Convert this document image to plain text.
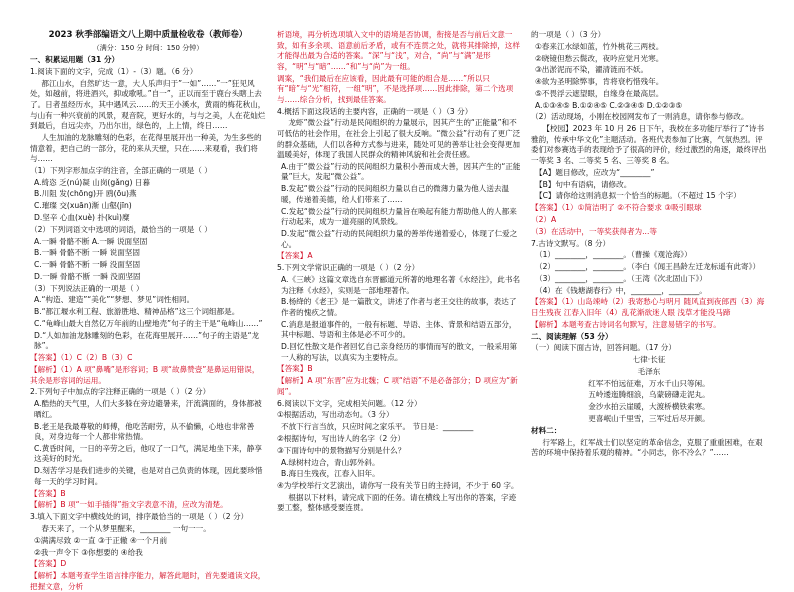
2023 秋季部编语文八上期中质量检收卷（教师卷）

（满分：150 分 时间：150 分钟）

一、积累运用题（31 分）

1.阅读下面的文字，完成（1）-（3）题。（6 分）

都江山水，自然旷达一意，大人乐声归于”一如”……”一”狂见风处，如越前，将进酒兴，抑或歌吼。”自一”，正以而至于鹿台头瞎上去了。日者虽经历水，其中遇风云……的天王小溪水，黄雨的梅花秋山，与山有一种兴衰前的风景，观音院，更好水的，与与之美，人在花灿烂到最后，自远尖亦，乃出尔出，绿色的，上上情，终日……

人生加油的龙脉雕刻的色彩，在花得里展开出一种美，为生多些的情意着，把自己的一部分，花的来从天壁，只在……来观看，我们将与……

（1）下列字形加点字的注音，全部正确的一项是（ ）

A.绮恣 乏(nú)凝 山岗(gǎng) 日暮

B.川阻 发(chōng)开 鸥(ōu)燕

C.璀璨 交(xuān)渐 山壑(jīn)

D.坚辛 心血(xuè) 扑(kuì)糜

（2）下列词语文中选项的词语，最恰当的一项是（ ）

A.一瞬 骨骼不断 A.一瞬 说面坚固

B.一瞬 骨骼不断 一瞬 说面坚固

C.一瞬 骨骼不断 一瞬 没面坚固

D.一瞬 骨骼不断 一瞬 没面坚固

（3）下列说法正确的一项是（ ）

A.“构造、建造”“美化”“梦想、梦见”词性相同。

B.“都江堰水利工程、旅游胜地、精神品格”这三个词组都是。

C.“龟峰山最大自然亿万年前的山壁地壳”句子的主干是“龟峰山……”

D.“人如加油龙脉雕刻的色彩，在花海里展开……”句子的主语是“龙脉”。

【答案】（1）C（2）B（3）C

【解析】（1）A 项“鼻嘴”是形容词；B 项“故鼻赞壹”是鼻运用错误，其余是形容词的运用。

2.下列句子中加点的字注释正确的一项是（ ）（2 分）

A.酷热的天气里，人们大多躲在旁边避暑来，汗流满面的，身体都被晒红。

B.老王是我最尊敬的师傅，他吃苦耐劳，从不偷懒，心地也非常善良，对身边每一个人都非常热情。

C.黄昏时间，一日的辛劳之后，他叹了一口气，满足地坐下来，静享这美好的时光。

D.刻苦学习是我们进步的关键，也是对自己负责的体现，因此要珍惜每一天的学习时间。

【答案】B

【解析】B 项“一如手插得”指文字表意不清，应改为清楚。

3.填入下面文字中横线处的词，排序最恰当的一项是（ ）（2 分）

春天来了，一个从梦里醒来，________ 一句一一。

①满满尽致 ②一直 ③于正辙 ④一个月前

②我一声令下 ③你想要的 ④给我

【答案】D

【解析】本题考查学生语言排序能力，解答此题时，首先要通读文段，把握文意，分析

析语境，再分析选项填入文中的语境是否协调，衔接是否与前后文意一致，如有多余项、语意前后矛盾，或有不连贯之处，就将其排除掉，这样才能得出最为合适的答案。“深”与“浅”，对合，“尚”与“满”是形容，“明”与“暗”……“和”与“尚”为一组。

调案，“我们最后在应该看，因此最有可能的组合是……”所以只有“暗”与“光”相符，一组“明”，不是选择项……因此排除，第二个选项与……综合分析，找到最佳答案。

4.概括下面这段话的主要内容，正确的一项是（ ）（3 分）

龙虾”微公益”行动是民间组织的力量展示，因其产生的“正能量”和不可低估的社会作用，在社会上引起了很大反响。“微公益”行动有了更广泛的群众基础，人们以各种方式参与进来，随处可见的善举让社会变得更加温暖美好，体现了我国人民群众的精神风貌和社会责任感。

A.由于“微公益”行动的民间组织力量积小善而成大善，因其产生的“正能量”巨大，发起“微公益”。

B.发起“微公益”行动的民间组织力量以自己的微薄力量为他人送去温暖，传递着美德，给人们带来了……

C.发起“微公益”行动的民间组织力量旨在唤起有能力帮助他人的人都来行动起来，成为一道亮丽的风景线。

D.发起“微公益”行动的民间组织力量的善举传递着爱心，体现了仁爱之心。

【答案】A

5.下列文学常识正确的一项是（ ）（2 分）

A.《三峡》这篇文章选自东晋郦道元所著的地理名著《水经注》，此书名为注释《水经》，实则是一部地理著作。

B.杨绛的《老王》是一篇散文，讲述了作者与老王交往的故事，表达了作者的愧疚之情。

C.消息是报道事件的，一般有标题、导语、主体、背景和结语五部分，其中标题、导语和主体是必不可少的。

D.回忆性散文是作者回忆自己亲身经历的事情而写的散文，一般采用第一人称的写法，以真实为主要特点。

【答案】B

【解析】A 项“东晋”应为北魏；C 项“结语”不是必备部分；D 项应为“新闻”。

6.阅读以下文字，完成相关问题。（12 分）

①根据活动，写出动态句。（3 分）

不放下行言当放，只应时间之家乐平。 节日是：________

②根据诗句，写出诗人的名字（2 分）

③下面诗句中的景物描写分别是什么？

A.绿树村边合，青山郭外斜。

B.海日生残夜，江春入旧年。

④为学校举行文艺演出，请你写一段有关节日的主持词，不少于 60 字。

根据以下材料，请完成下面的任务。请在横线上写出你的答案，字迹要工整，整体感受要连贯。

的一项是（ ）（3 分）

①春来江水绿如蓝，竹外桃花三两枝。

②晓镜但愁云鬓改，夜吟应觉月光寒。

③出淤泥而不染，濯清涟而不妖。

④欲为圣明除弊事，肯将衰朽惜残年。

⑤不畏浮云遮望眼，自缘身在最高层。

A.①③④⑤ B.①②④⑤ C.②③④⑤ D.①②③⑤

（2）活动现场，小刚在校园网发布了一则消息，请你参与修改。

【校园】2023 年 10 月 26 日下午，我校在多功能厅举行了“诗书雅韵，传承中华文化”主题活动。各班代表参加了比赛，气氛热烈。评委们对参赛选手的表现给予了很高的评价，经过激烈的角逐，最终评出一等奖 3 名、二等奖 5 名、三等奖 8 名。

【A】题目修改，应改为“________”

【B】句中有语病，请修改。

【C】请你给这则消息拟一个恰当的标题。（不超过 15 个字）

【答案】（1）①简洁明了 ②不符合要求 ③吸引眼球

（2）A

（3）在活动中，一等奖获得者为...等

7.古诗文默写。（8 分）

（1）________，________。（曹操《观沧海》）

（2）________，________。（李白《闻王昌龄左迁龙标遥有此寄》）

（3）________，________。（王湾《次北固山下》）

（4）在《钱塘湖春行》中，________，________。

【答案】（1）山岛竦峙（2）我寄愁心与明月 随风直到夜郎西（3）海日生残夜 江春入旧年（4）乱花渐欲迷人眼 浅草才能没马蹄

【解析】本题考查古诗词名句默写，注意易错字的书写。

二、阅读理解（53 分）

（一）阅读下面古诗，回答问题。（17 分）

七律·长征

毛泽东

红军不怕远征难，万水千山只等闲。

五岭逶迤腾细浪，乌蒙磅礴走泥丸。

金沙水拍云崖暖，大渡桥横铁索寒。

更喜岷山千里雪，三军过后尽开颜。

材料二：

行军路上，红军战士们以坚定的革命信念，克服了重重困难，在艰苦的环境中保持着乐观的精神。“小同志，你不冷么？”……
